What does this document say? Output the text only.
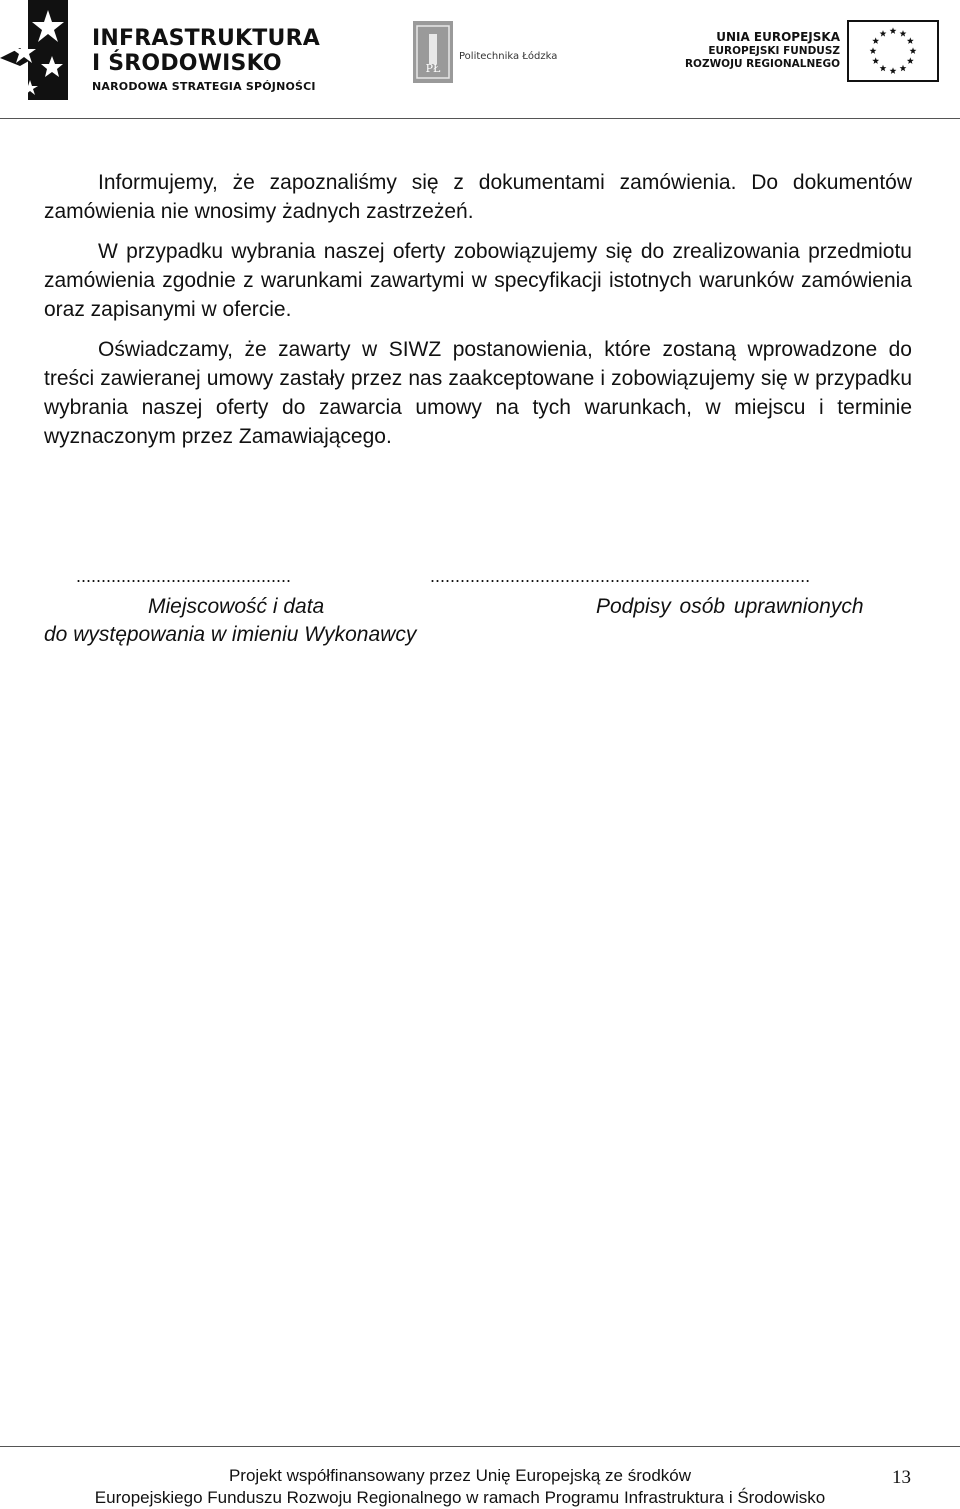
INFRASTRUKTURA
I ŚRODOWISKO
NARODOWA STRATEGIA SPÓJNOŚCI
PŁ
Politechnika Łódzka
UNIA EUROPEJSKA
EUROPEJSKI FUNDUSZ
ROZWOJU REGIONALNEGO
Informujemy, że zapoznaliśmy się z dokumentami zamówienia. Do dokumentów zamówienia nie wnosimy żadnych zastrzeżeń.
W przypadku wybrania naszej oferty zobowiązujemy się do zrealizowania przedmiotu zamówienia zgodnie z warunkami zawartymi w specyfikacji istotnych warunków zamówienia oraz zapisanymi w ofercie.
Oświadczamy, że zawarty w SIWZ postanowienia, które zostaną wprowadzone do treści zawieranej umowy zastały przez nas zaakceptowane i zobowiązujemy się w przypadku wybrania naszej oferty do zawarcia umowy na tych warunkach, w miejscu i terminie wyznaczonym przez Zamawiającego.
...........................................	............................................................................
Miejscowość i data	Podpisy osób uprawnionych
do występowania w imieniu Wykonawcy
Projekt współfinansowany przez Unię Europejską ze środków
Europejskiego Funduszu Rozwoju Regionalnego w ramach Programu Infrastruktura i Środowisko
13
